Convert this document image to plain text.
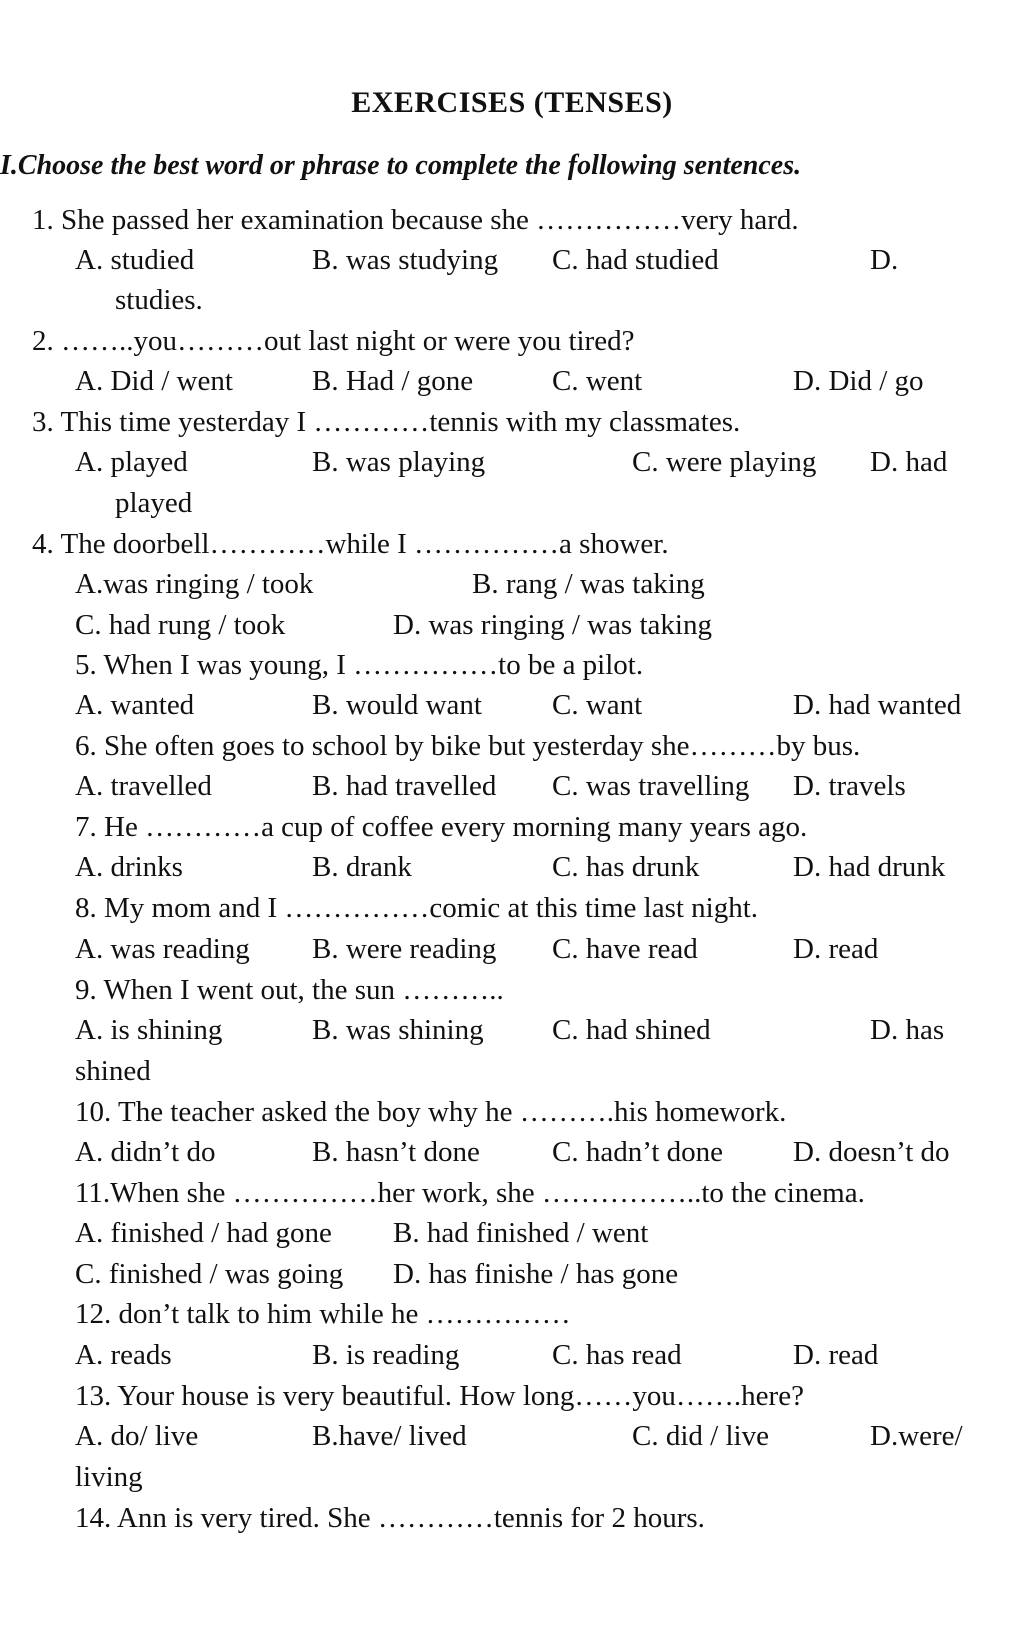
EXERCISES (TENSES)
I.Choose the best word or phrase to complete the following sentences.
1. She passed her examination because she ……………very hard.
A. studied	B. was studying C. had studied	D.
studies.
2. ……..you………out last night or were you tired?
A. Did / went	B. Had / gone	C. went	D. Did / go
3. This time yesterday I …………tennis with my classmates.
A. played	B. was playing	C. were playing D. had
played
4. The doorbell…………while I ……………a shower.
A.was ringing / took	B. rang / was taking
C. had rung / took	D. was ringing / was taking
5. When I was young, I ……………to be a pilot.
A. wanted	B. would want C. want	D. had wanted
6. She often goes to school by bike but yesterday she………by bus.
A. travelled	B. had travelled C. was travelling D. travels
7. He …………a cup of coffee every morning many years ago.
A. drinks	B. drank	C. has drunk	D. had drunk
8. My mom and I ……………comic at this time last night.
A. was reading B. were reading C. have read	D. read
9. When I went out, the sun ………..
A. is shining	B. was shining C. had shined	D. has
shined
10. The teacher asked the boy why he ……….his homework.
A. didn’t do	B. hasn’t done C. hadn’t done D. doesn’t do
11.When she ……………her work, she ……………..to the cinema.
A. finished / had gone B. had finished / went
C. finished / was going D. has finishe / has gone
12. don’t talk to him while he ……………
A. reads	B. is reading	C. has read	D. read
13. Your house is very beautiful. How long……you…….here?
A. do/ live	B.have/ lived	C. did / live	D.were/
living
14. Ann is very tired. She …………tennis for 2 hours.
